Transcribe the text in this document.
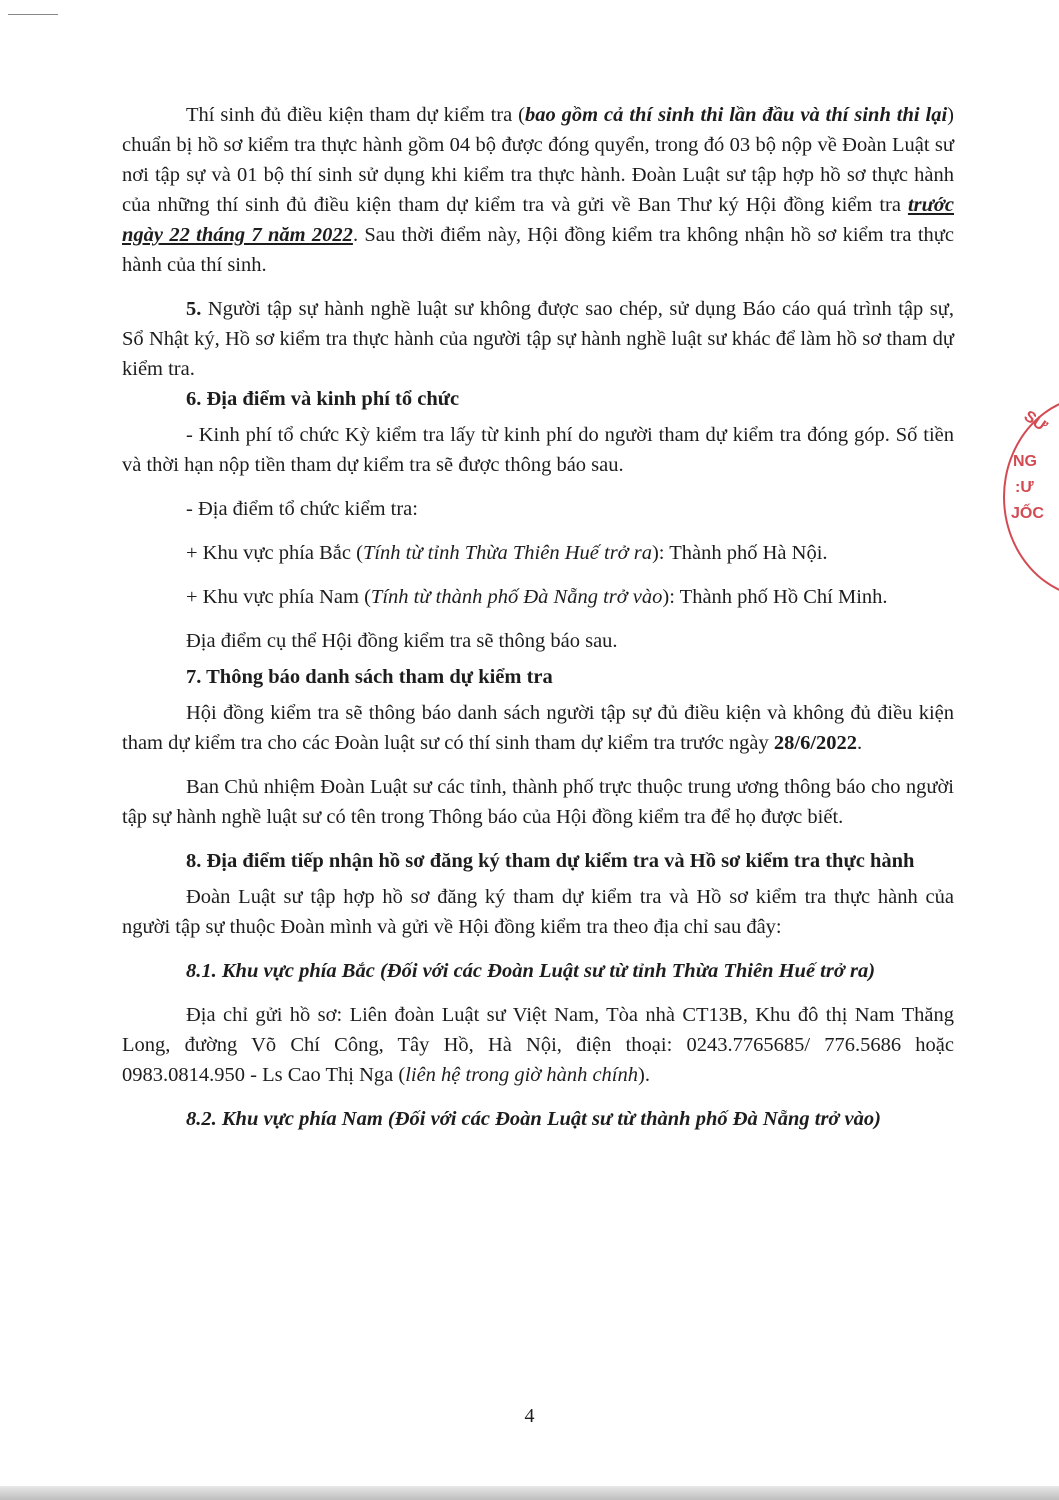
Thí sinh đủ điều kiện tham dự kiểm tra (bao gồm cả thí sinh thi lần đầu và thí sinh thi lại) chuẩn bị hồ sơ kiểm tra thực hành gồm 04 bộ được đóng quyển, trong đó 03 bộ nộp về Đoàn Luật sư nơi tập sự và 01 bộ thí sinh sử dụng khi kiểm tra thực hành. Đoàn Luật sư tập hợp hồ sơ thực hành của những thí sinh đủ điều kiện tham dự kiểm tra và gửi về Ban Thư ký Hội đồng kiểm tra trước ngày 22 tháng 7 năm 2022. Sau thời điểm này, Hội đồng kiểm tra không nhận hồ sơ kiểm tra thực hành của thí sinh.

5. Người tập sự hành nghề luật sư không được sao chép, sử dụng Báo cáo quá trình tập sự, Sổ Nhật ký, Hồ sơ kiểm tra thực hành của người tập sự hành nghề luật sư khác để làm hồ sơ tham dự kiểm tra.

6. Địa điểm và kinh phí tổ chức

- Kinh phí tổ chức Kỳ kiểm tra lấy từ kinh phí do người tham dự kiểm tra đóng góp. Số tiền và thời hạn nộp tiền tham dự kiểm tra sẽ được thông báo sau.

- Địa điểm tổ chức kiểm tra:

+ Khu vực phía Bắc (Tính từ tỉnh Thừa Thiên Huế trở ra): Thành phố Hà Nội.

+ Khu vực phía Nam (Tính từ thành phố Đà Nẵng trở vào): Thành phố Hồ Chí Minh.

Địa điểm cụ thể Hội đồng kiểm tra sẽ thông báo sau.

7. Thông báo danh sách tham dự kiểm tra

Hội đồng kiểm tra sẽ thông báo danh sách người tập sự đủ điều kiện và không đủ điều kiện tham dự kiểm tra cho các Đoàn luật sư có thí sinh tham dự kiểm tra trước ngày 28/6/2022.

Ban Chủ nhiệm Đoàn Luật sư các tỉnh, thành phố trực thuộc trung ương thông báo cho người tập sự hành nghề luật sư có tên trong Thông báo của Hội đồng kiểm tra để họ được biết.

8. Địa điểm tiếp nhận hồ sơ đăng ký tham dự kiểm tra và Hồ sơ kiểm tra thực hành

Đoàn Luật sư tập hợp hồ sơ đăng ký tham dự kiểm tra và Hồ sơ kiểm tra thực hành của người tập sự thuộc Đoàn mình và gửi về Hội đồng kiểm tra theo địa chỉ sau đây:

8.1. Khu vực phía Bắc (Đối với các Đoàn Luật sư từ tỉnh Thừa Thiên Huế trở ra)

Địa chỉ gửi hồ sơ: Liên đoàn Luật sư Việt Nam, Tòa nhà CT13B, Khu đô thị Nam Thăng Long, đường Võ Chí Công, Tây Hồ, Hà Nội, điện thoại: 0243.7765685/ 776.5686 hoặc 0983.0814.950 - Ls Cao Thị Nga (liên hệ trong giờ hành chính).

8.2. Khu vực phía Nam (Đối với các Đoàn Luật sư từ thành phố Đà Nẵng trở vào)

SƯ
NG
:Ư
JỐC
4
